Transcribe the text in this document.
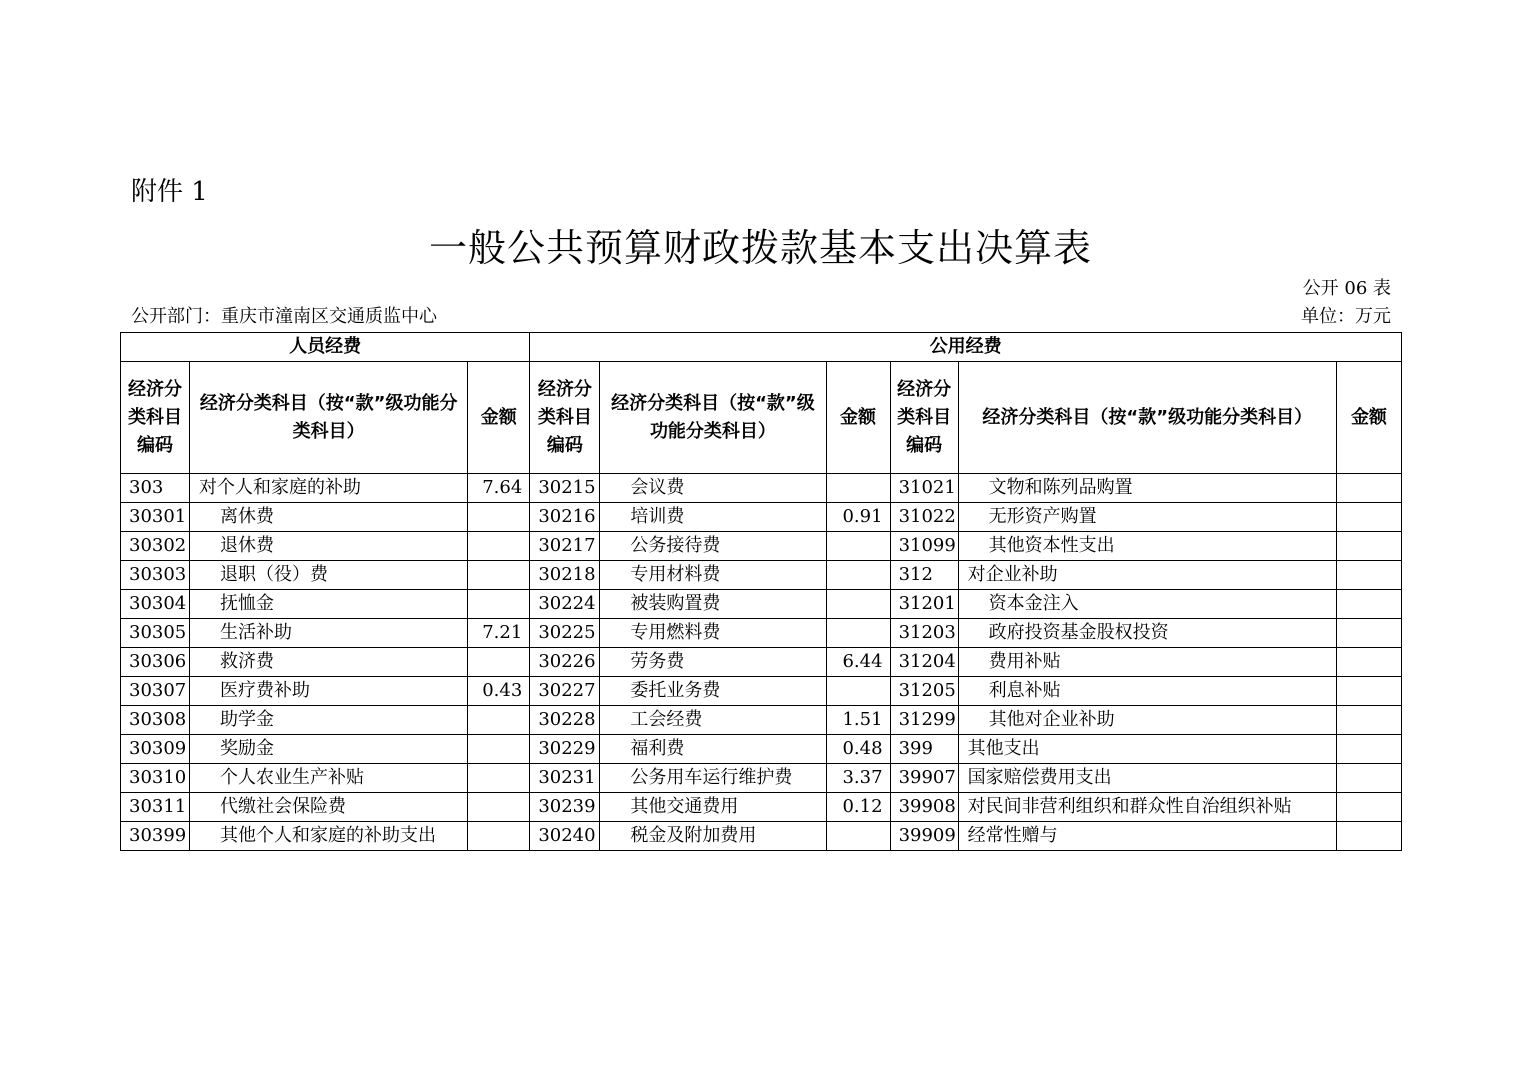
附件 1
一般公共预算财政拨款基本支出决算表
公开 06 表
公开部门：重庆市潼南区交通质监中心	单位：万元
人员经费			公用经费					
经济分类科目编码	经济分类科目（按“款”级功能分类科目）	金额	经济分类科目编码	经济分类科目（按“款”级功能分类科目）	金额	经济分类科目编码	经济分类科目（按“款”级功能分类科目）	金额
303	对个人和家庭的补助	7.64	30215	会议费		31021	文物和陈列品购置	
30301	离休费		30216	培训费	0.91	31022	无形资产购置	
30302	退休费		30217	公务接待费		31099	其他资本性支出	
30303	退职（役）费		30218	专用材料费		312	对企业补助	
30304	抚恤金		30224	被装购置费		31201	资本金注入	
30305	生活补助	7.21	30225	专用燃料费		31203	政府投资基金股权投资	
30306	救济费		30226	劳务费	6.44	31204	费用补贴	
30307	医疗费补助	0.43	30227	委托业务费		31205	利息补贴	
30308	助学金		30228	工会经费	1.51	31299	其他对企业补助	
30309	奖励金		30229	福利费	0.48	399	其他支出	
30310	个人农业生产补贴		30231	公务用车运行维护费	3.37	39907	国家赔偿费用支出	
30311	代缴社会保险费		30239	其他交通费用	0.12	39908	对民间非营利组织和群众性自治组织补贴	
30399	其他个人和家庭的补助支出		30240	税金及附加费用		39909	经常性赠与	
